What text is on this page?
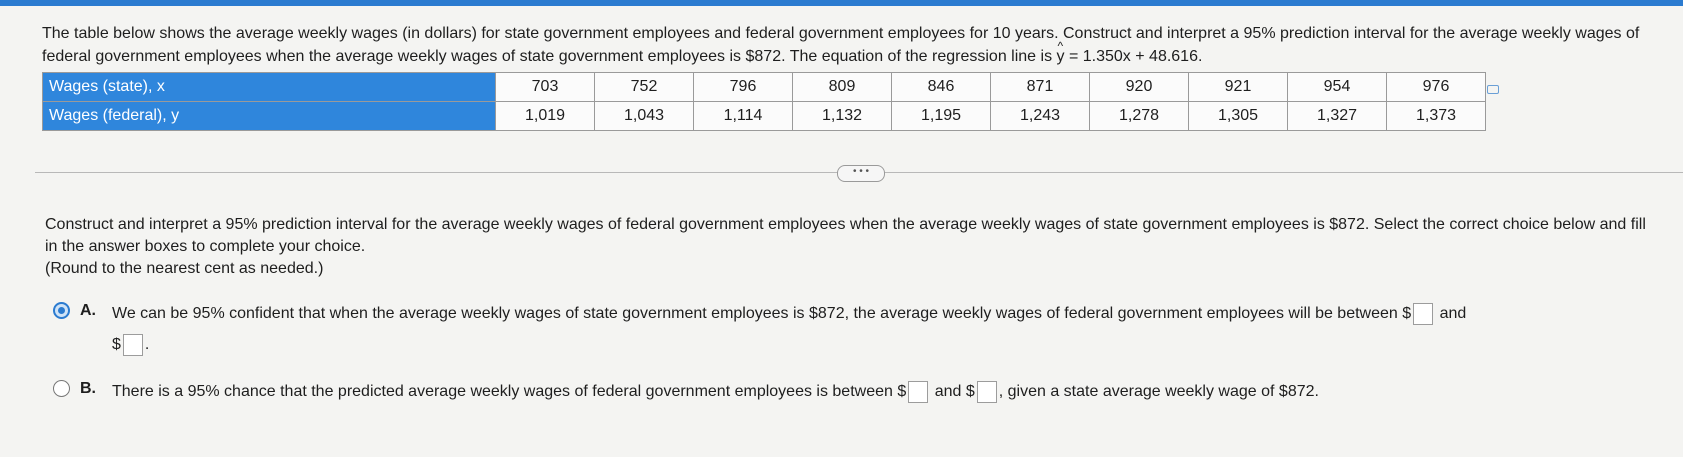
The table below shows the average weekly wages (in dollars) for state government employees and federal government employees for 10 years. Construct and interpret a 95% prediction interval for the average weekly wages of federal government employees when the average weekly wages of state government employees is $872. The equation of the regression line is ^ y = 1.350x + 48.616.
Wages (state), x	703	752	796	809	846	871	920	921	954	976
Wages (federal), y	1,019	1,043	1,114	1,132	1,195	1,243	1,278	1,305	1,327	1,373
• • •
Construct and interpret a 95% prediction interval for the average weekly wages of federal government employees when the average weekly wages of state government employees is $872. Select the correct choice below and fill in the answer boxes to complete your choice.
(Round to the nearest cent as needed.)
A. We can be 95% confident that when the average weekly wages of state government employees is $872, the average weekly wages of federal government employees will be between $ and
$ .
B. There is a 95% chance that the predicted average weekly wages of federal government employees is between $ and $ , given a state average weekly wage of $872.
